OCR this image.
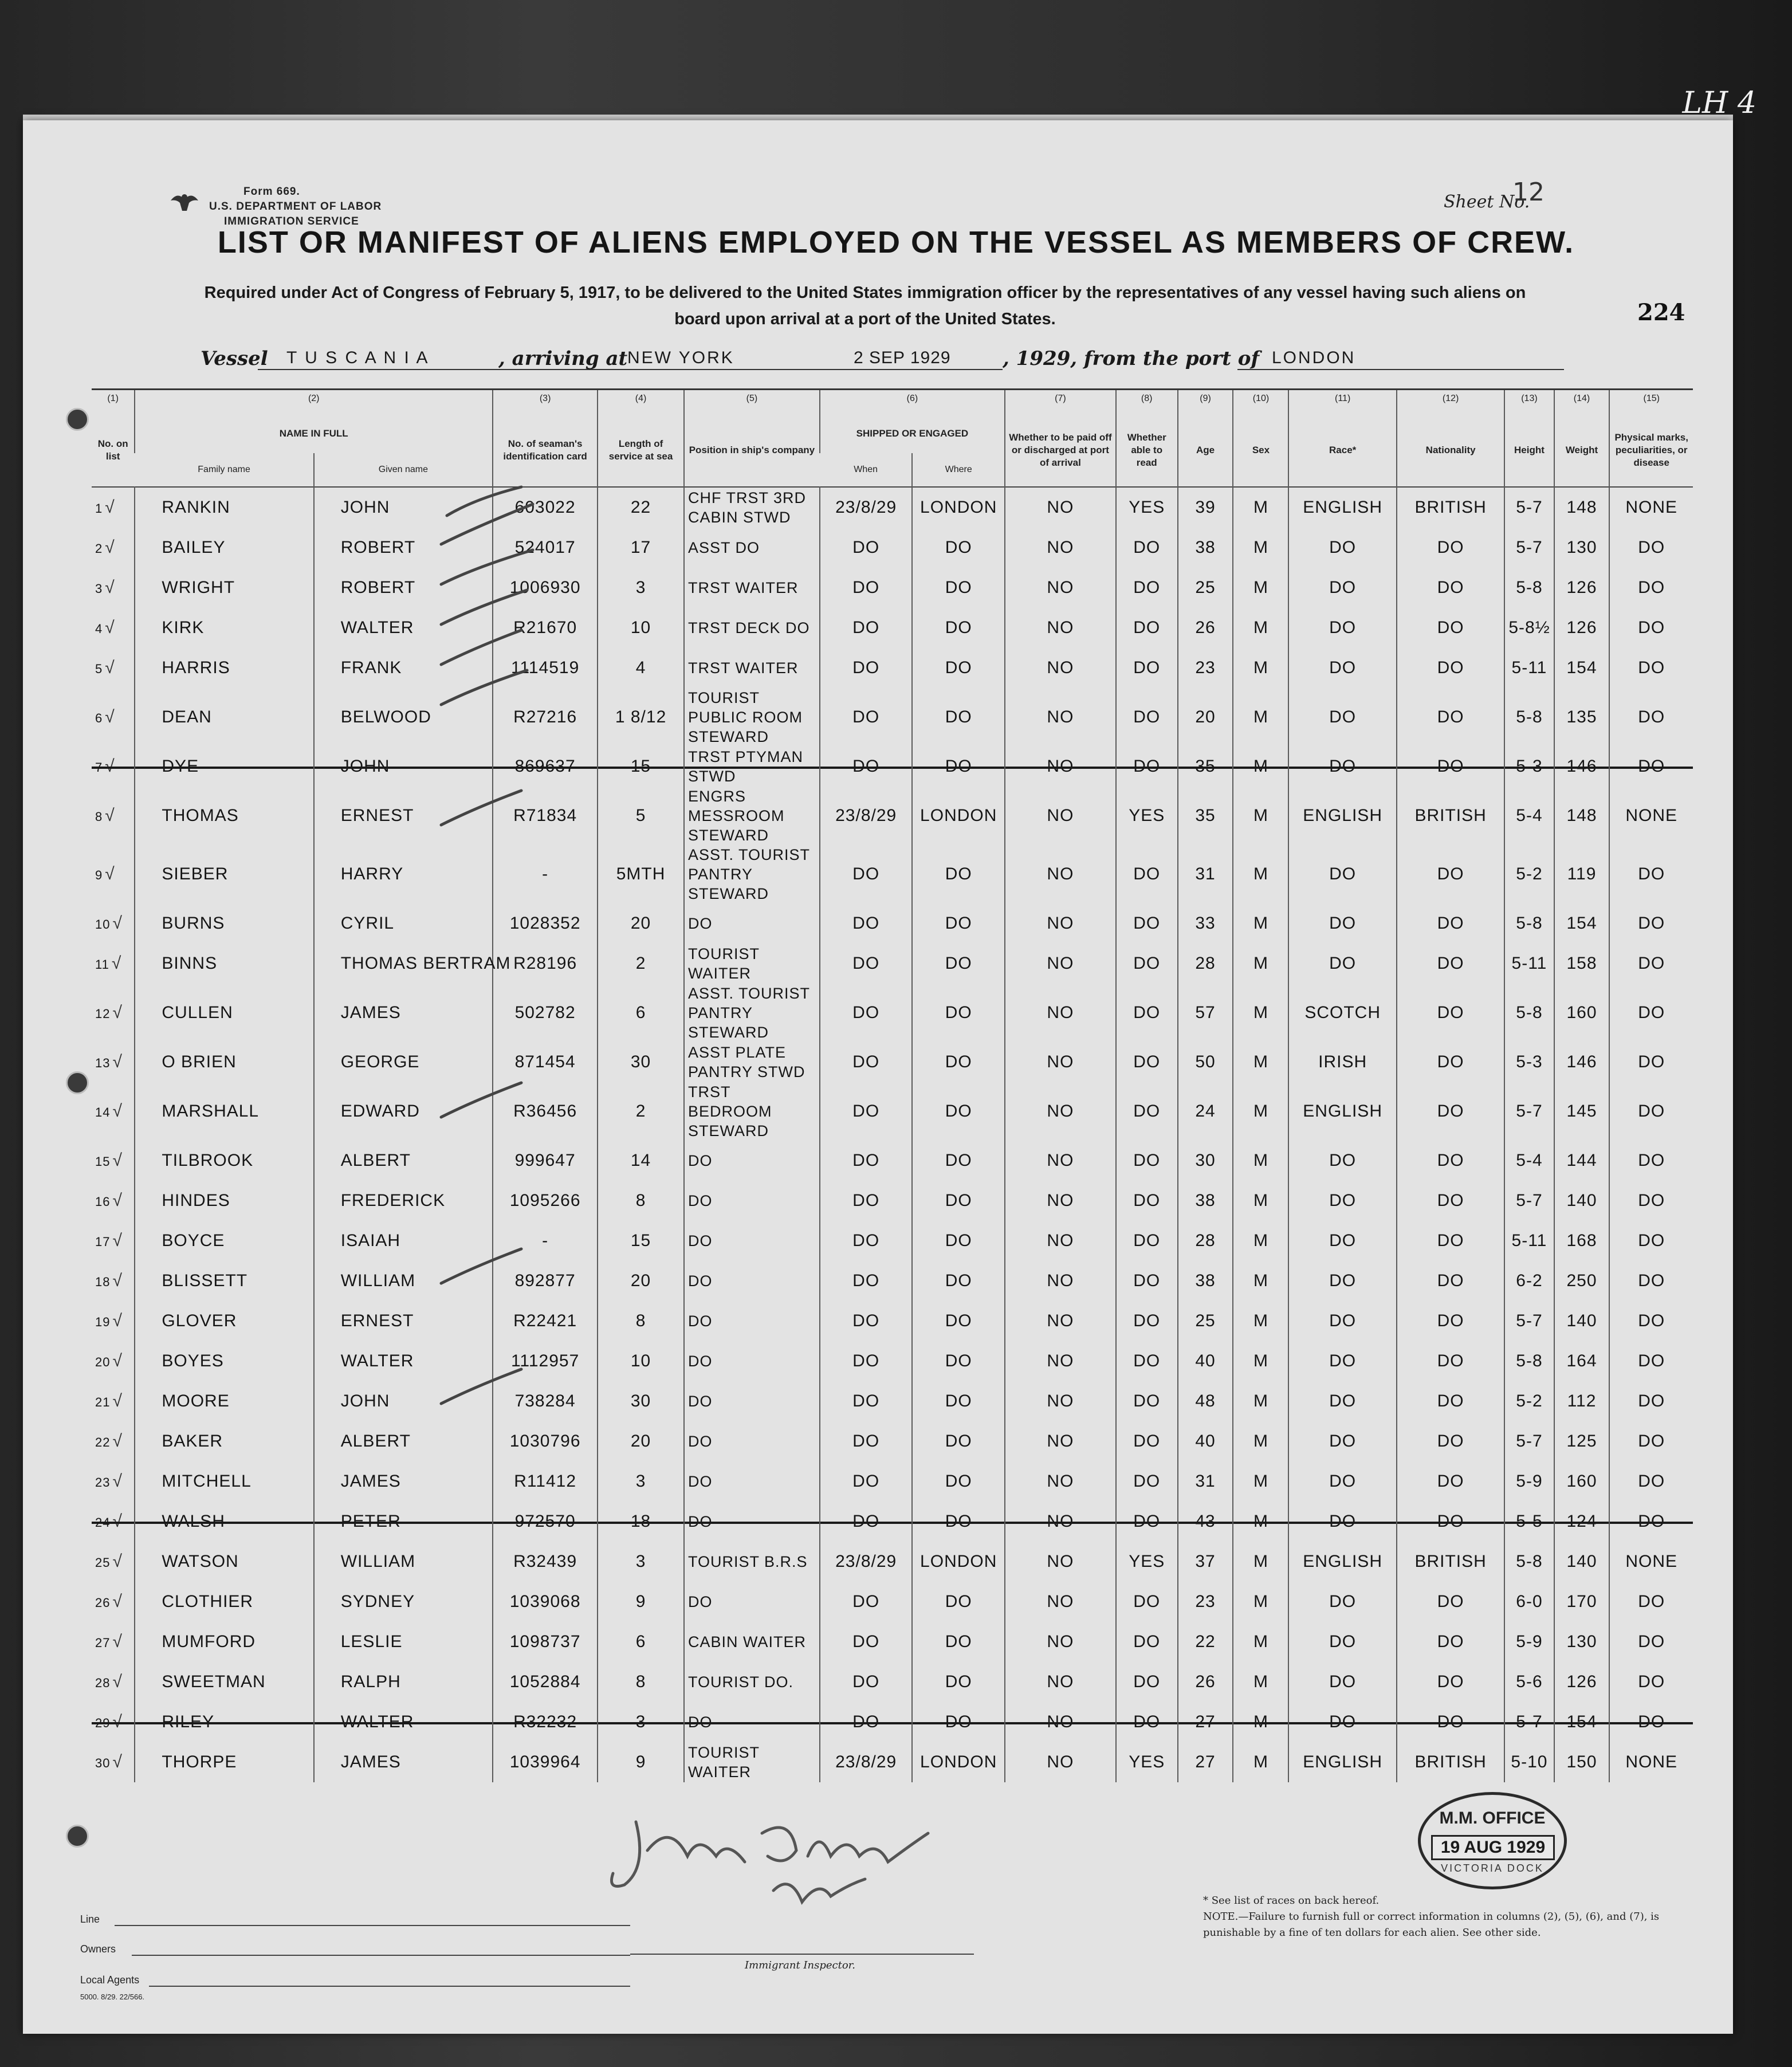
LH 4
Form 669.
U.S. DEPARTMENT OF LABOR
IMMIGRATION SERVICE
Sheet No.
12
LIST OR MANIFEST OF ALIENS EMPLOYED ON THE VESSEL AS MEMBERS OF CREW.
Required under Act of Congress of February 5, 1917, to be delivered to the United States immigration officer by the representatives of any vessel having such aliens on board upon arrival at a port of the United States.	224
Vessel T U S C A N I A	, arriving at NEW YORK	2 SEP 1929	, 1929, from the port of LONDON
(1)	(2)		(3)	(4)	(5)	(6)		(7)	(8)	(9)	(10)	(11)	(12)	(13)	(14)	(15)
No. on list	NAME IN FULL		No. of seaman's identification card	Length of service at sea	Position in ship's company	SHIPPED OR ENGAGED		Whether to be paid off or discharged at port of arrival	Whether able to read	Age	Sex	Race*	Nationality	Height	Weight	Physical marks, peculiarities, or disease
	Family name	Given name				When	Where									
1 √	RANKIN	JOHN	603022	22	CHF TRST 3RD CABIN STWD	23/8/29	LONDON	NO	YES	39	M	ENGLISH	BRITISH	5-7	148	NONE
2 √	BAILEY	ROBERT	524017	17	ASST DO	DO	DO	NO	DO	38	M	DO	DO	5-7	130	DO
3 √	WRIGHT	ROBERT	1006930	3	TRST WAITER	DO	DO	NO	DO	25	M	DO	DO	5-8	126	DO
4 √	KIRK	WALTER	R21670	10	TRST DECK DO	DO	DO	NO	DO	26	M	DO	DO	5-8½	126	DO
5 √	HARRIS	FRANK	1114519	4	TRST WAITER	DO	DO	NO	DO	23	M	DO	DO	5-11	154	DO
6 √	DEAN	BELWOOD	R27216	1 8/12	TOURIST PUBLIC ROOM STEWARD	DO	DO	NO	DO	20	M	DO	DO	5-8	135	DO
7 √	DYE	JOHN	869637	15	TRST PTYMAN STWD	DO	DO	NO	DO	35	M	DO	DO	5-3	146	DO
8 √	THOMAS	ERNEST	R71834	5	ENGRS MESSROOM STEWARD	23/8/29	LONDON	NO	YES	35	M	ENGLISH	BRITISH	5-4	148	NONE
9 √	SIEBER	HARRY	-	5MTH	ASST. TOURIST PANTRY STEWARD	DO	DO	NO	DO	31	M	DO	DO	5-2	119	DO
10 √	BURNS	CYRIL	1028352	20	DO	DO	DO	NO	DO	33	M	DO	DO	5-8	154	DO
11 √	BINNS	THOMAS BERTRAM	R28196	2	TOURIST WAITER	DO	DO	NO	DO	28	M	DO	DO	5-11	158	DO
12 √	CULLEN	JAMES	502782	6	ASST. TOURIST PANTRY STEWARD	DO	DO	NO	DO	57	M	SCOTCH	DO	5-8	160	DO
13 √	O BRIEN	GEORGE	871454	30	ASST PLATE PANTRY STWD	DO	DO	NO	DO	50	M	IRISH	DO	5-3	146	DO
14 √	MARSHALL	EDWARD	R36456	2	TRST BEDROOM STEWARD	DO	DO	NO	DO	24	M	ENGLISH	DO	5-7	145	DO
15 √	TILBROOK	ALBERT	999647	14	DO	DO	DO	NO	DO	30	M	DO	DO	5-4	144	DO
16 √	HINDES	FREDERICK	1095266	8	DO	DO	DO	NO	DO	38	M	DO	DO	5-7	140	DO
17 √	BOYCE	ISAIAH	-	15	DO	DO	DO	NO	DO	28	M	DO	DO	5-11	168	DO
18 √	BLISSETT	WILLIAM	892877	20	DO	DO	DO	NO	DO	38	M	DO	DO	6-2	250	DO
19 √	GLOVER	ERNEST	R22421	8	DO	DO	DO	NO	DO	25	M	DO	DO	5-7	140	DO
20 √	BOYES	WALTER	1112957	10	DO	DO	DO	NO	DO	40	M	DO	DO	5-8	164	DO
21 √	MOORE	JOHN	738284	30	DO	DO	DO	NO	DO	48	M	DO	DO	5-2	112	DO
22 √	BAKER	ALBERT	1030796	20	DO	DO	DO	NO	DO	40	M	DO	DO	5-7	125	DO
23 √	MITCHELL	JAMES	R11412	3	DO	DO	DO	NO	DO	31	M	DO	DO	5-9	160	DO
24 √	WALSH	PETER	972570	18	DO	DO	DO	NO	DO	43	M	DO	DO	5-5	124	DO
25 √	WATSON	WILLIAM	R32439	3	TOURIST B.R.S	23/8/29	LONDON	NO	YES	37	M	ENGLISH	BRITISH	5-8	140	NONE
26 √	CLOTHIER	SYDNEY	1039068	9	DO	DO	DO	NO	DO	23	M	DO	DO	6-0	170	DO
27 √	MUMFORD	LESLIE	1098737	6	CABIN WAITER	DO	DO	NO	DO	22	M	DO	DO	5-9	130	DO
28 √	SWEETMAN	RALPH	1052884	8	TOURIST DO.	DO	DO	NO	DO	26	M	DO	DO	5-6	126	DO
29 √	RILEY	WALTER	R32232	3	DO	DO	DO	NO	DO	27	M	DO	DO	5-7	154	DO
30 √	THORPE	JAMES	1039964	9	TOURIST WAITER	23/8/29	LONDON	NO	YES	27	M	ENGLISH	BRITISH	5-10	150	NONE
M.M. OFFICE
19 AUG 1929
VICTORIA DOCK
Line
Owners
Local Agents
5000. 8/29. 22/566.
Immigrant Inspector.
* See list of races on back hereof.
NOTE.—Failure to furnish full or correct information in columns (2), (5), (6), and (7), is punishable by a fine of ten dollars for each alien. See other side.
